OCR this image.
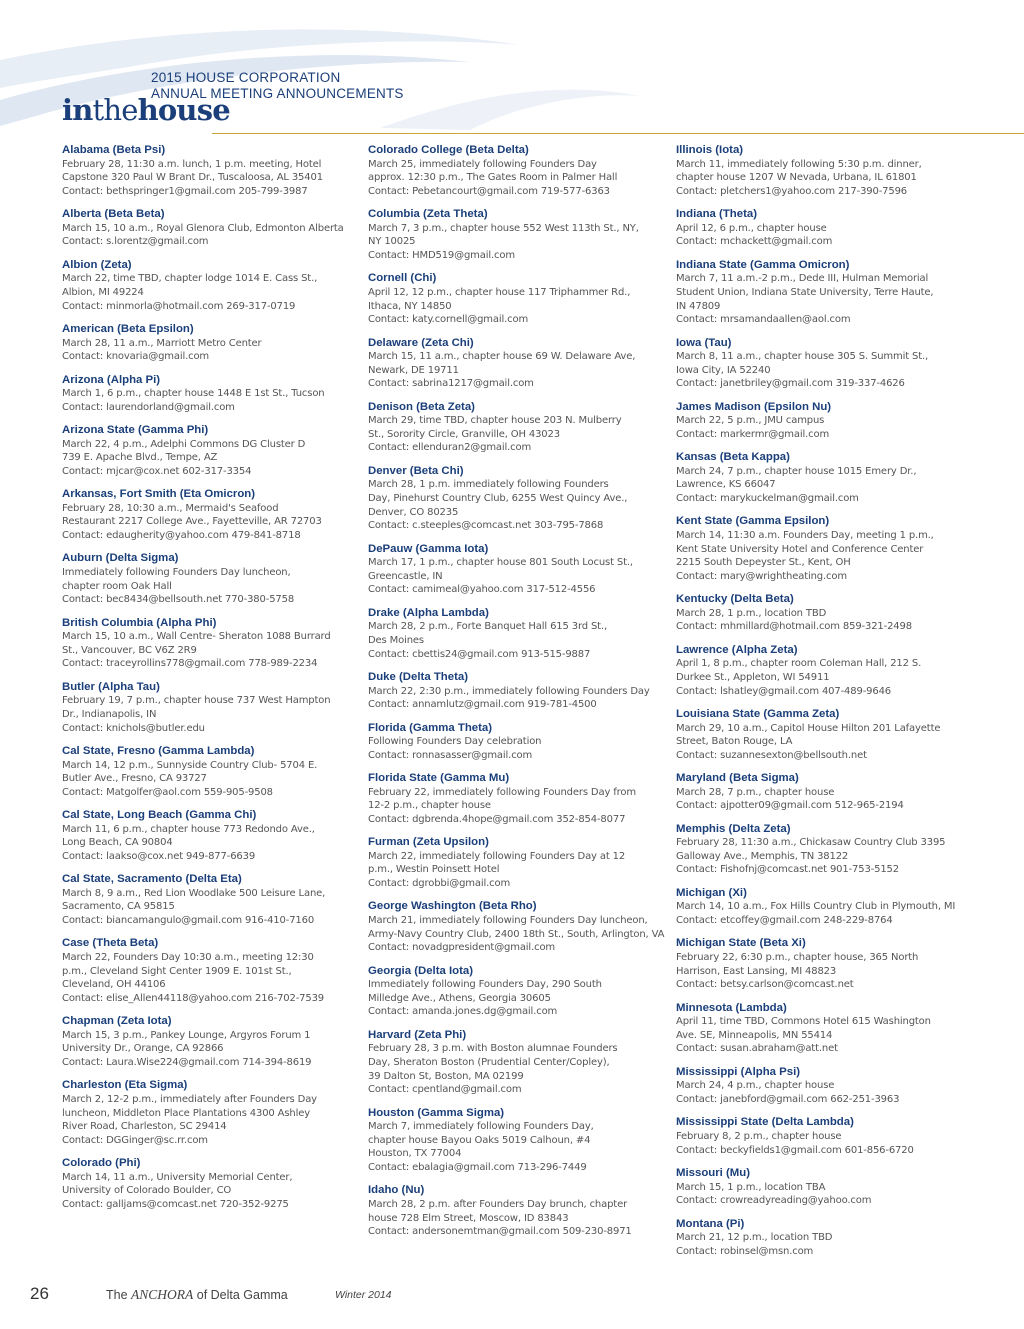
2015 HOUSE CORPORATION
ANNUAL MEETING ANNOUNCEMENTS
inthehouse
Alabama (Beta Psi)
February 28, 11:30 a.m. lunch, 1 p.m. meeting, Hotel
Capstone 320 Paul W Brant Dr., Tuscaloosa, AL 35401
Contact: bethspringer1@gmail.com 205-799-3987
Alberta (Beta Beta)
March 15, 10 a.m., Royal Glenora Club, Edmonton Alberta
Contact: s.lorentz@gmail.com
Albion (Zeta)
March 22, time TBD, chapter lodge 1014 E. Cass St.,
Albion, MI 49224
Contact: minmorla@hotmail.com 269-317-0719
American (Beta Epsilon)
March 28, 11 a.m., Marriott Metro Center
Contact: knovaria@gmail.com
Arizona (Alpha Pi)
March 1, 6 p.m., chapter house 1448 E 1st St., Tucson
Contact: laurendorland@gmail.com
Arizona State (Gamma Phi)
March 22, 4 p.m., Adelphi Commons DG Cluster D
739 E. Apache Blvd., Tempe, AZ
Contact: mjcar@cox.net 602-317-3354
Arkansas, Fort Smith (Eta Omicron)
February 28, 10:30 a.m., Mermaid's Seafood
Restaurant 2217 College Ave., Fayetteville, AR 72703
Contact: edaugherity@yahoo.com 479-841-8718
Auburn (Delta Sigma)
Immediately following Founders Day luncheon,
chapter room Oak Hall
Contact: bec8434@bellsouth.net 770-380-5758
British Columbia (Alpha Phi)
March 15, 10 a.m., Wall Centre- Sheraton 1088 Burrard
St., Vancouver, BC V6Z 2R9
Contact: traceyrollins778@gmail.com 778-989-2234
Butler (Alpha Tau)
February 19, 7 p.m., chapter house 737 West Hampton
Dr., Indianapolis, IN
Contact: knichols@butler.edu
Cal State, Fresno (Gamma Lambda)
March 14, 12 p.m., Sunnyside Country Club- 5704 E.
Butler Ave., Fresno, CA 93727
Contact: Matgolfer@aol.com 559-905-9508
Cal State, Long Beach (Gamma Chi)
March 11, 6 p.m., chapter house 773 Redondo Ave.,
Long Beach, CA 90804
Contact: laakso@cox.net 949-877-6639
Cal State, Sacramento (Delta Eta)
March 8, 9 a.m., Red Lion Woodlake 500 Leisure Lane,
Sacramento, CA 95815
Contact: biancamangulo@gmail.com 916-410-7160
Case (Theta Beta)
March 22, Founders Day 10:30 a.m., meeting 12:30
p.m., Cleveland Sight Center 1909 E. 101st St.,
Cleveland, OH 44106
Contact: elise_Allen44118@yahoo.com 216-702-7539
Chapman (Zeta Iota)
March 15, 3 p.m., Pankey Lounge, Argyros Forum 1
University Dr., Orange, CA 92866
Contact: Laura.Wise224@gmail.com 714-394-8619
Charleston (Eta Sigma)
March 2, 12-2 p.m., immediately after Founders Day
luncheon, Middleton Place Plantations 4300 Ashley
River Road, Charleston, SC 29414
Contact: DGGinger@sc.rr.com
Colorado (Phi)
March 14, 11 a.m., University Memorial Center,
University of Colorado Boulder, CO
Contact: galljams@comcast.net 720-352-9275
Colorado College (Beta Delta)
March 25, immediately following Founders Day
approx. 12:30 p.m., The Gates Room in Palmer Hall
Contact: Pebetancourt@gmail.com 719-577-6363
Columbia (Zeta Theta)
March 7, 3 p.m., chapter house 552 West 113th St., NY,
NY 10025
Contact: HMD519@gmail.com
Cornell (Chi)
April 12, 12 p.m., chapter house 117 Triphammer Rd.,
Ithaca, NY 14850
Contact: katy.cornell@gmail.com
Delaware (Zeta Chi)
March 15, 11 a.m., chapter house 69 W. Delaware Ave,
Newark, DE 19711
Contact: sabrina1217@gmail.com
Denison (Beta Zeta)
March 29, time TBD, chapter house 203 N. Mulberry
St., Sorority Circle, Granville, OH 43023
Contact: ellenduran2@gmail.com
Denver (Beta Chi)
March 28, 1 p.m. immediately following Founders
Day, Pinehurst Country Club, 6255 West Quincy Ave.,
Denver, CO 80235
Contact: c.steeples@comcast.net 303-795-7868
DePauw (Gamma Iota)
March 17, 1 p.m., chapter house 801 South Locust St.,
Greencastle, IN
Contact: camimeal@yahoo.com 317-512-4556
Drake (Alpha Lambda)
March 28, 2 p.m., Forte Banquet Hall 615 3rd St.,
Des Moines
Contact: cbettis24@gmail.com 913-515-9887
Duke (Delta Theta)
March 22, 2:30 p.m., immediately following Founders Day
Contact: annamlutz@gmail.com 919-781-4500
Florida (Gamma Theta)
Following Founders Day celebration
Contact: ronnasasser@gmail.com
Florida State (Gamma Mu)
February 22, immediately following Founders Day from
12-2 p.m., chapter house
Contact: dgbrenda.4hope@gmail.com 352-854-8077
Furman (Zeta Upsilon)
March 22, immediately following Founders Day at 12
p.m., Westin Poinsett Hotel
Contact: dgrobbi@gmail.com
George Washington (Beta Rho)
March 21, immediately following Founders Day luncheon,
Army-Navy Country Club, 2400 18th St., South, Arlington, VA
Contact: novadgpresident@gmail.com
Georgia (Delta Iota)
Immediately following Founders Day, 290 South
Milledge Ave., Athens, Georgia 30605
Contact: amanda.jones.dg@gmail.com
Harvard (Zeta Phi)
February 28, 3 p.m. with Boston alumnae Founders
Day, Sheraton Boston (Prudential Center/Copley),
39 Dalton St, Boston, MA 02199
Contact: cpentland@gmail.com
Houston (Gamma Sigma)
March 7, immediately following Founders Day,
chapter house Bayou Oaks 5019 Calhoun, #4
Houston, TX 77004
Contact: ebalagia@gmail.com 713-296-7449
Idaho (Nu)
March 28, 2 p.m. after Founders Day brunch, chapter
house 728 Elm Street, Moscow, ID 83843
Contact: andersonemtman@gmail.com 509-230-8971
Illinois (Iota)
March 11, immediately following 5:30 p.m. dinner,
chapter house 1207 W Nevada, Urbana, IL 61801
Contact: pletchers1@yahoo.com 217-390-7596
Indiana (Theta)
April 12, 6 p.m., chapter house
Contact: mchackett@gmail.com
Indiana State (Gamma Omicron)
March 7, 11 a.m.-2 p.m., Dede III, Hulman Memorial
Student Union, Indiana State University, Terre Haute,
IN 47809
Contact: mrsamandaallen@aol.com
Iowa (Tau)
March 8, 11 a.m., chapter house 305 S. Summit St.,
Iowa City, IA 52240
Contact: janetbriley@gmail.com 319-337-4626
James Madison (Epsilon Nu)
March 22, 5 p.m., JMU campus
Contact: markermr@gmail.com
Kansas (Beta Kappa)
March 24, 7 p.m., chapter house 1015 Emery Dr.,
Lawrence, KS 66047
Contact: marykuckelman@gmail.com
Kent State (Gamma Epsilon)
March 14, 11:30 a.m. Founders Day, meeting 1 p.m.,
Kent State University Hotel and Conference Center
2215 South Depeyster St., Kent, OH
Contact: mary@wrightheating.com
Kentucky (Delta Beta)
March 28, 1 p.m., location TBD
Contact: mhmillard@hotmail.com 859-321-2498
Lawrence (Alpha Zeta)
April 1, 8 p.m., chapter room Coleman Hall, 212 S.
Durkee St., Appleton, WI 54911
Contact: lshatley@gmail.com 407-489-9646
Louisiana State (Gamma Zeta)
March 29, 10 a.m., Capitol House Hilton 201 Lafayette
Street, Baton Rouge, LA
Contact: suzannesexton@bellsouth.net
Maryland (Beta Sigma)
March 28, 7 p.m., chapter house
Contact: ajpotter09@gmail.com 512-965-2194
Memphis (Delta Zeta)
February 28, 11:30 a.m., Chickasaw Country Club 3395
Galloway Ave., Memphis, TN 38122
Contact: Fishofnj@comcast.net 901-753-5152
Michigan (Xi)
March 14, 10 a.m., Fox Hills Country Club in Plymouth, MI
Contact: etcoffey@gmail.com 248-229-8764
Michigan State (Beta Xi)
February 22, 6:30 p.m., chapter house, 365 North
Harrison, East Lansing, MI 48823
Contact: betsy.carlson@comcast.net
Minnesota (Lambda)
April 11, time TBD, Commons Hotel 615 Washington
Ave. SE, Minneapolis, MN 55414
Contact: susan.abraham@att.net
Mississippi (Alpha Psi)
March 24, 4 p.m., chapter house
Contact: janebford@gmail.com 662-251-3963
Mississippi State (Delta Lambda)
February 8, 2 p.m., chapter house
Contact: beckyfields1@gmail.com 601-856-6720
Missouri (Mu)
March 15, 1 p.m., location TBA
Contact: crowreadyreading@yahoo.com
Montana (Pi)
March 21, 12 p.m., location TBD
Contact: robinsel@msn.com
26	The ANCHORA of Delta Gamma	Winter 2014
